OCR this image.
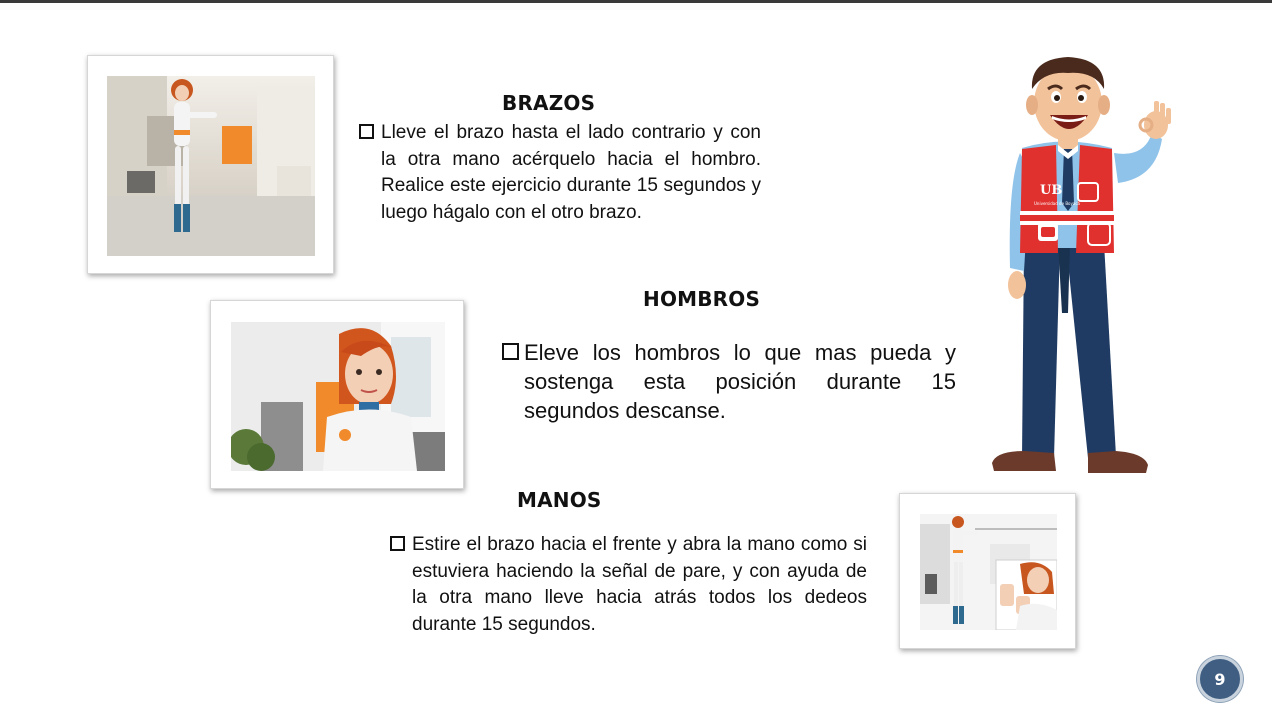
BRAZOS
Lleve el brazo hasta el lado contrario y con la otra mano acérquelo hacia el hombro. Realice este ejercicio durante 15 segundos y luego hágalo con el otro brazo.
HOMBROS
Eleve los hombros lo que mas pueda y sostenga esta posición durante 15 segundos descanse.
MANOS
Estire el brazo hacia el frente y abra la mano como si estuviera haciendo la señal de pare, y con ayuda de la otra mano lleve hacia atrás todos los dedeos durante 15 segundos.
UB
Universidad de Boyacá
9
